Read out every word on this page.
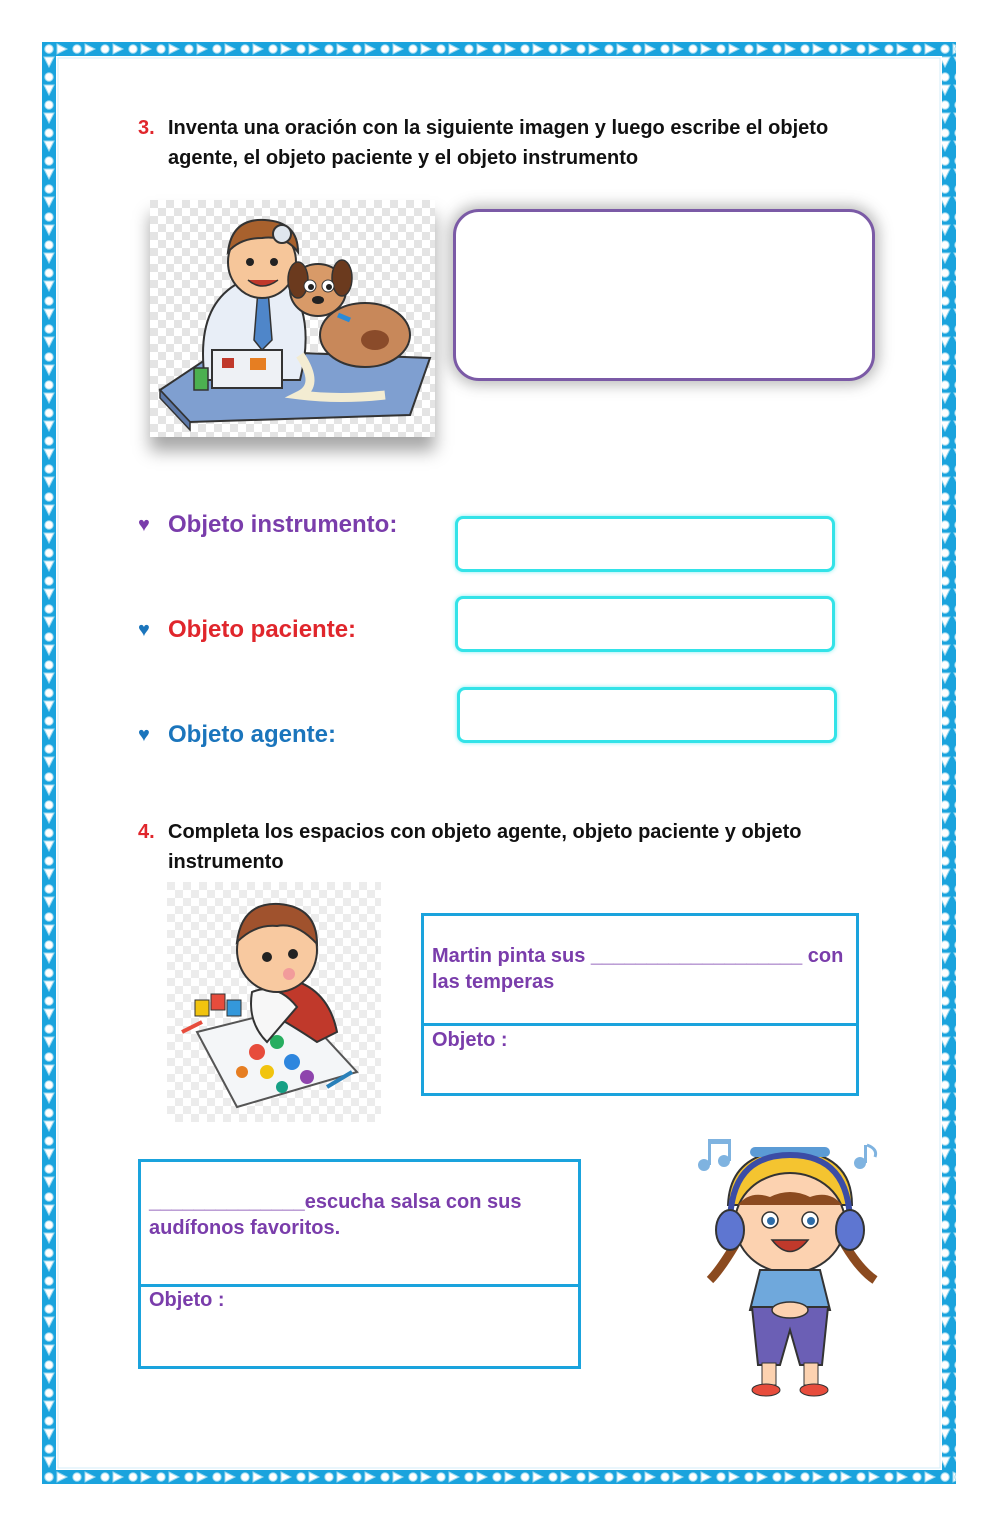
3. Inventa una oración con la siguiente imagen y luego escribe el objeto agente, el objeto paciente y el objeto instrumento
♥ Objeto instrumento:
♥ Objeto paciente:
♥ Objeto agente:
4. Completa los espacios con objeto agente, objeto paciente y objeto instrumento
Martin pinta sus ___________________ con las temperas
Objeto :
______________escucha salsa con sus audífonos favoritos.
Objeto :
